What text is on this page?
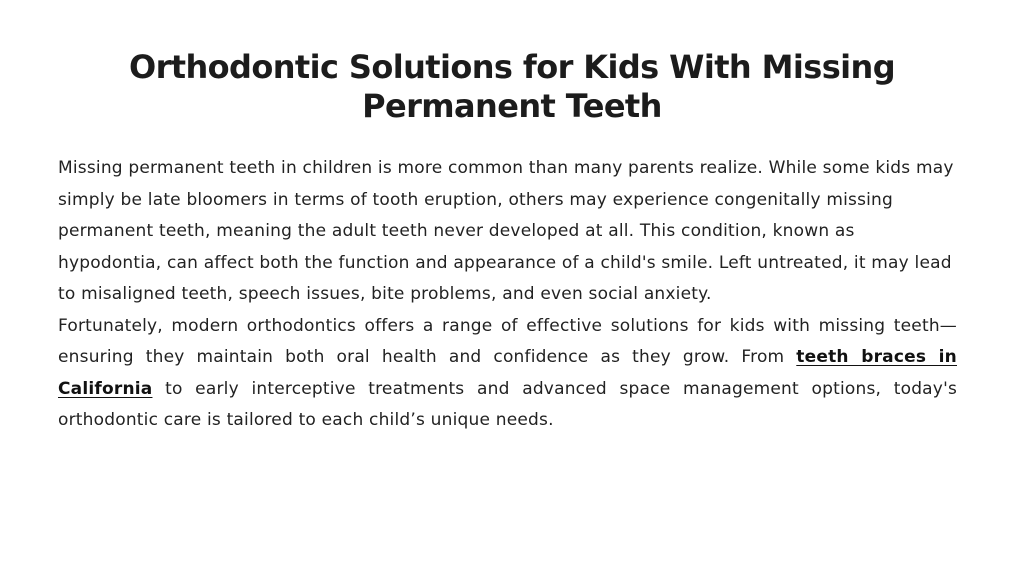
Orthodontic Solutions for Kids With Missing Permanent Teeth

Missing permanent teeth in children is more common than many parents realize. While some kids may simply be late bloomers in terms of tooth eruption, others may experience congenitally missing permanent teeth, meaning the adult teeth never developed at all. This condition, known as hypodontia, can affect both the function and appearance of a child's smile. Left untreated, it may lead to misaligned teeth, speech issues, bite problems, and even social anxiety.

Fortunately, modern orthodontics offers a range of effective solutions for kids with missing teeth—ensuring they maintain both oral health and confidence as they grow. From teeth braces in California to early interceptive treatments and advanced space management options, today's orthodontic care is tailored to each child’s unique needs.
